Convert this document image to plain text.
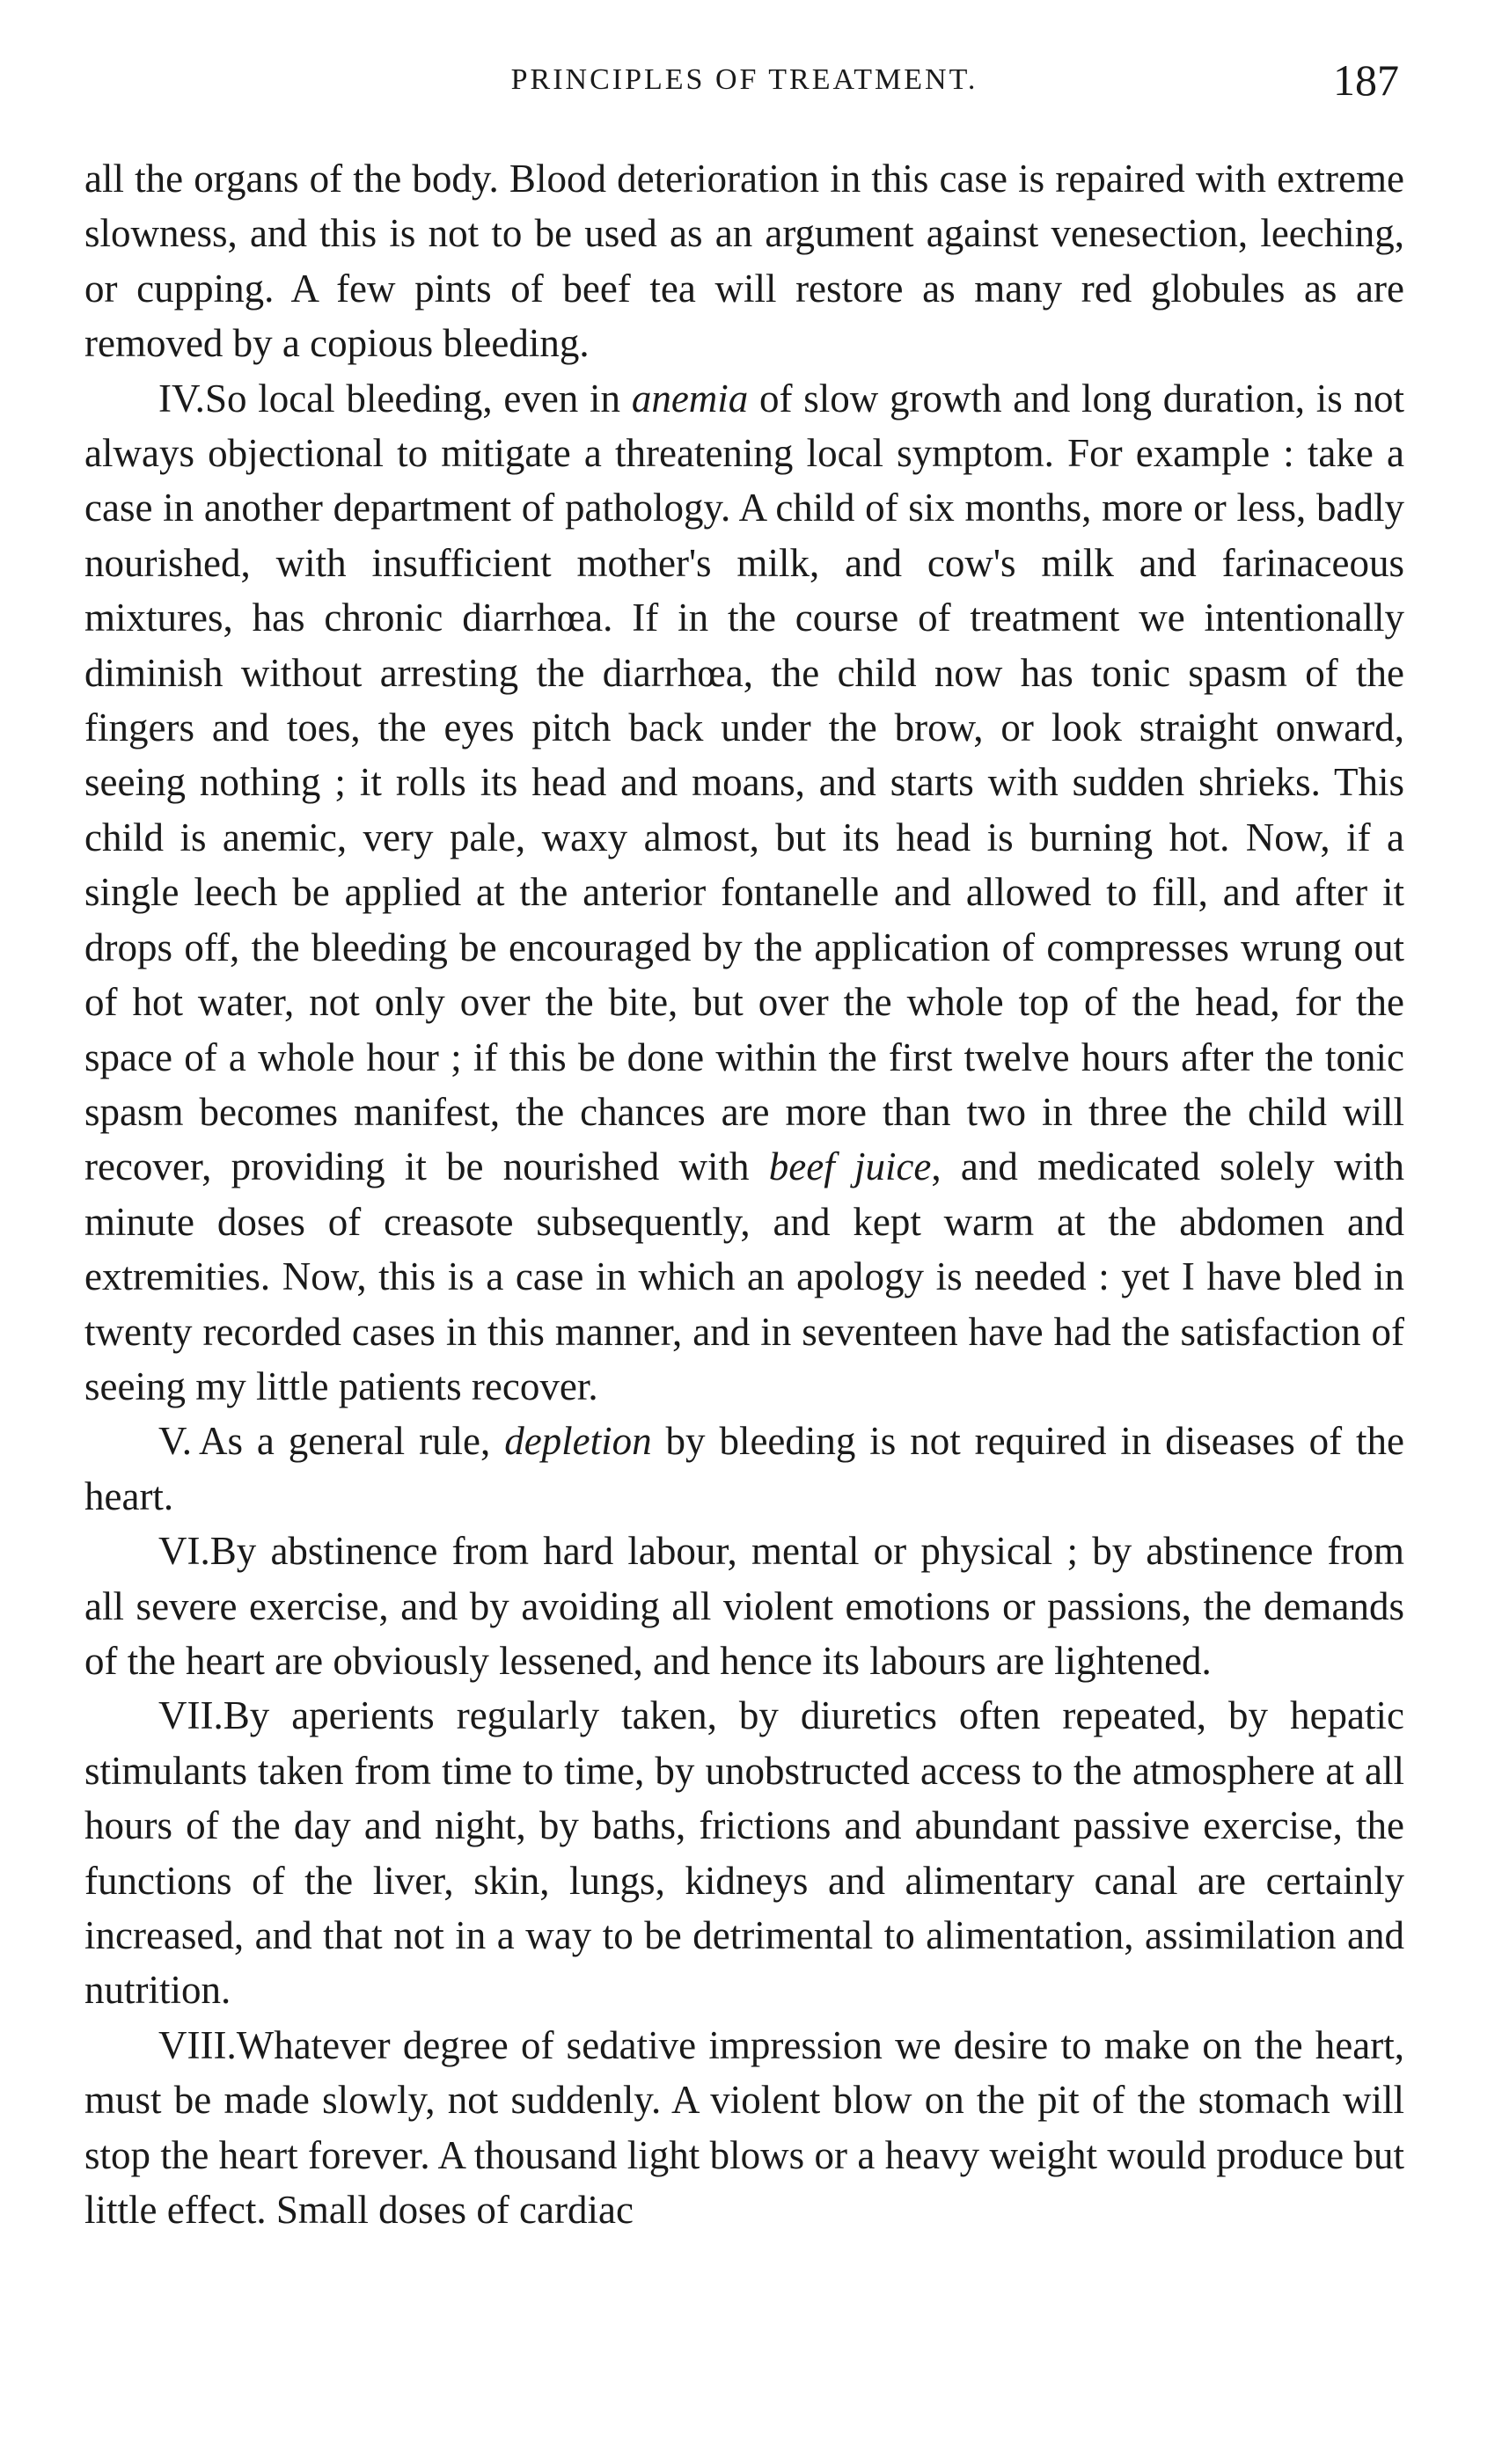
PRINCIPLES OF TREATMENT.	187

all the organs of the body. Blood deterioration in this case is repaired with extreme slowness, and this is not to be used as an argument against venesection, leeching, or cupping. A few pints of beef tea will restore as many red globules as are removed by a copious bleeding.

IV.So local bleeding, even in anemia of slow growth and long duration, is not always objectional to mitigate a threatening local symptom. For example : take a case in another department of pathology. A child of six months, more or less, badly nourished, with insufficient mother's milk, and cow's milk and farinaceous mixtures, has chronic diarrhœa. If in the course of treatment we intentionally diminish without arresting the diarrhœa, the child now has tonic spasm of the fingers and toes, the eyes pitch back under the brow, or look straight onward, seeing nothing ; it rolls its head and moans, and starts with sudden shrieks. This child is anemic, very pale, waxy almost, but its head is burning hot. Now, if a single leech be applied at the anterior fontanelle and allowed to fill, and after it drops off, the bleeding be encouraged by the application of compresses wrung out of hot water, not only over the bite, but over the whole top of the head, for the space of a whole hour ; if this be done within the first twelve hours after the tonic spasm becomes manifest, the chances are more than two in three the child will recover, providing it be nourished with beef juice, and medicated solely with minute doses of creasote subsequently, and kept warm at the abdomen and extremities. Now, this is a case in which an apology is needed : yet I have bled in twenty recorded cases in this manner, and in seventeen have had the satisfaction of seeing my little patients recover.

V. As a general rule, depletion by bleeding is not required in diseases of the heart.

VI.By abstinence from hard labour, mental or physical ; by abstinence from all severe exercise, and by avoiding all violent emotions or passions, the demands of the heart are obviously lessened, and hence its labours are lightened.

VII.By aperients regularly taken, by diuretics often repeated, by hepatic stimulants taken from time to time, by unobstructed access to the atmosphere at all hours of the day and night, by baths, frictions and abundant passive exercise, the functions of the liver, skin, lungs, kidneys and alimentary canal are certainly increased, and that not in a way to be detrimental to alimentation, assimilation and nutrition.

VIII.Whatever degree of sedative impression we desire to make on the heart, must be made slowly, not suddenly. A violent blow on the pit of the stomach will stop the heart forever. A thousand light blows or a heavy weight would produce but little effect. Small doses of cardiac
